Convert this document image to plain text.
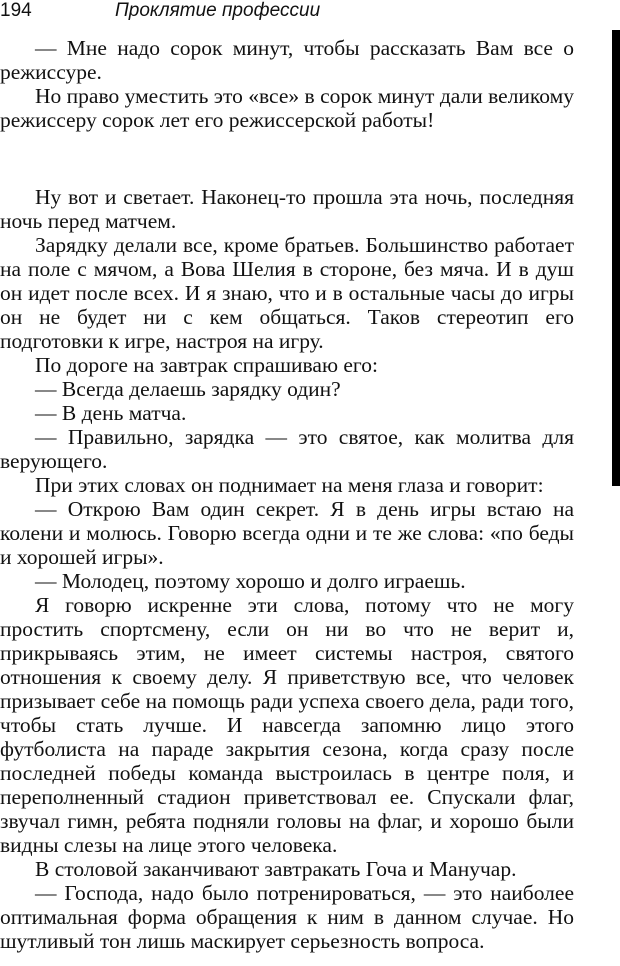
194	Проклятие профессии

— Мне надо сорок минут, чтобы рассказать Вам все о режиссуре.

Но право уместить это «все» в сорок минут дали великому режиссеру сорок лет его режиссерской работы!

Ну вот и светает. Наконец-то прошла эта ночь, последняя ночь перед матчем.

Зарядку делали все, кроме братьев. Большинство работает на поле с мячом, а Вова Шелия в стороне, без мяча. И в душ он идет после всех. И я знаю, что и в остальные часы до игры он не будет ни с кем общаться. Таков стереотип его подготовки к игре, настроя на игру.

По дороге на завтрак спрашиваю его:

— Всегда делаешь зарядку один?

— В день матча.

— Правильно, зарядка — это святое, как молитва для верующего.

При этих словах он поднимает на меня глаза и говорит:

— Открою Вам один секрет. Я в день игры встаю на колени и молюсь. Говорю всегда одни и те же слова: «по беды и хорошей игры».

— Молодец, поэтому хорошо и долго играешь.

Я говорю искренне эти слова, потому что не могу простить спортсмену, если он ни во что не верит и, прикрываясь этим, не имеет системы настроя, святого отношения к своему делу. Я приветствую все, что человек призывает себе на помощь ради успеха своего дела, ради того, чтобы стать лучше. И навсегда запомню лицо этого футболиста на параде закрытия сезона, когда сразу после последней победы команда выстроилась в центре поля, и переполненный стадион приветствовал ее. Спускали флаг, звучал гимн, ребята подняли головы на флаг, и хорошо были видны слезы на лице этого человека.

В столовой заканчивают завтракать Гоча и Манучар.

— Господа, надо было потренироваться, — это наиболее оптимальная форма обращения к ним в данном случае. Но шутливый тон лишь маскирует серьезность вопроса.
